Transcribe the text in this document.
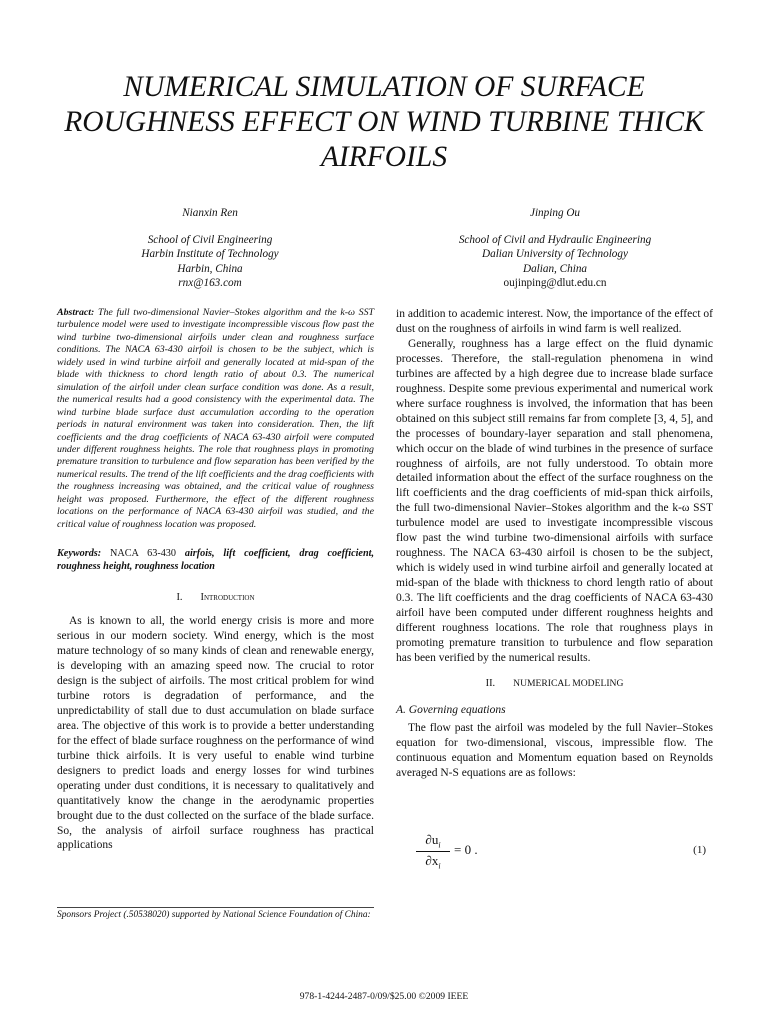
NUMERICAL SIMULATION OF SURFACE ROUGHNESS EFFECT ON WIND TURBINE THICK AIRFOILS
Nianxin Ren
School of Civil Engineering
Harbin Institute of Technology
Harbin, China
rnx@163.com
Jinping Ou
School of Civil and Hydraulic Engineering
Dalian University of Technology
Dalian, China
oujinping@dlut.edu.cn

Abstract: The full two-dimensional Navier–Stokes algorithm and the k-ω SST turbulence model were used to investigate incompressible viscous flow past the wind turbine two-dimensional airfoils under clean and roughness surface conditions. The NACA 63-430 airfoil is chosen to be the subject, which is widely used in wind turbine airfoil and generally located at mid-span of the blade with thickness to chord length ratio of about 0.3. The numerical simulation of the airfoil under clean surface condition was done. As a result, the numerical results had a good consistency with the experimental data. The wind turbine blade surface dust accumulation according to the operation periods in natural environment was taken into consideration. Then, the lift coefficients and the drag coefficients of NACA 63-430 airfoil were computed under different roughness heights. The role that roughness plays in promoting premature transition to turbulence and flow separation has been verified by the numerical results. The trend of the lift coefficients and the drag coefficients with the roughness increasing was obtained, and the critical value of roughness height was proposed. Furthermore, the effect of the different roughness locations on the performance of NACA 63-430 airfoil was studied, and the critical value of roughness location was proposed.

Keywords: NACA 63-430 airfois, lift coefficient, drag coefficient, roughness height, roughness location

I. Introduction

As is known to all, the world energy crisis is more and more serious in our modern society. Wind energy, which is the most mature technology of so many kinds of clean and renewable energy, is developing with an amazing speed now. The crucial to rotor design is the subject of airfoils. The most critical problem for wind turbine rotors is degradation of performance, and the unpredictability of stall due to dust accumulation on blade surface area. The objective of this work is to provide a better understanding for the effect of blade surface roughness on the performance of wind turbine thick airfoils. It is very useful to enable wind turbine designers to predict loads and energy losses for wind turbines operating under dust conditions, it is necessary to qualitatively and quantitatively know the change in the aerodynamic properties brought due to the dust collected on the surface of the blade surface. So, the analysis of airfoil surface roughness has practical applications

Sponsors Project (.50538020) supported by National Science Foundation of China:

in addition to academic interest. Now, the importance of the effect of dust on the roughness of airfoils in wind farm is well realized.

Generally, roughness has a large effect on the fluid dynamic processes. Therefore, the stall-regulation phenomena in wind turbines are affected by a high degree due to increase blade surface roughness. Despite some previous experimental and numerical work where surface roughness is involved, the information that has been obtained on this subject still remains far from complete [3, 4, 5], and the processes of boundary-layer separation and stall phenomena, which occur on the blade of wind turbines in the presence of surface roughness of airfoils, are not fully understood. To obtain more detailed information about the effect of the surface roughness on the lift coefficients and the drag coefficients of mid-span thick airfoils, the full two-dimensional Navier–Stokes algorithm and the k-ω SST turbulence model are used to investigate incompressible viscous flow past the wind turbine two-dimensional airfoils with surface roughness. The NACA 63-430 airfoil is chosen to be the subject, which is widely used in wind turbine airfoil and generally located at mid-span of the blade with thickness to chord length ratio of about 0.3. The lift coefficients and the drag coefficients of NACA 63-430 airfoil have been computed under different roughness heights and different roughness locations. The role that roughness plays in promoting premature transition to turbulence and flow separation has been verified by the numerical results.

II. NUMERICAL MODELING
A. Governing equations

The flow past the airfoil was modeled by the full Navier–Stokes equation for two-dimensional, viscous, impressible flow. The continuous equation and Momentum equation based on Reynolds averaged N-S equations are as follows:

$\frac{\partial u_i}{\partial x_i} = 0$ .	(1)
978-1-4244-2487-0/09/$25.00 ©2009 IEEE
